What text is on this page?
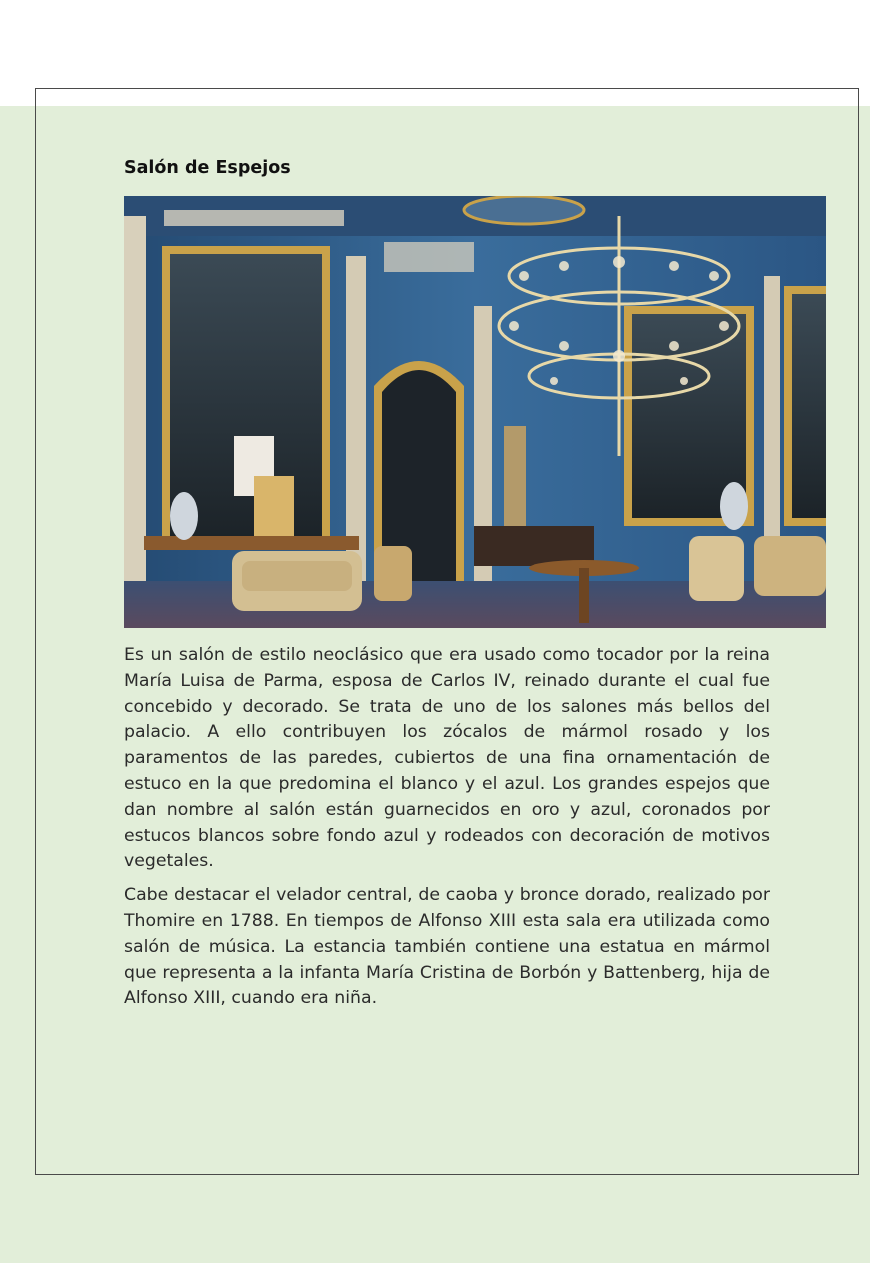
Salón de Espejos

Es un salón de estilo neoclásico que era usado como tocador por la reina María Luisa de Parma, esposa de Carlos IV, reinado durante el cual fue concebido y decorado. Se trata de uno de los salones más bellos del palacio. A ello contribuyen los zócalos de mármol rosado y los paramentos de las paredes, cubiertos de una fina ornamentación de estuco en la que predomina el blanco y el azul. Los grandes espejos que dan nombre al salón están guarnecidos en oro y azul, coronados por estucos blancos sobre fondo azul y rodeados con decoración de motivos vegetales.

Cabe destacar el velador central, de caoba y bronce dorado, realizado por Thomire en 1788. En tiempos de Alfonso XIII esta sala era utilizada como salón de música. La estancia también contiene una estatua en mármol que representa a la infanta María Cristina de Borbón y Battenberg, hija de Alfonso XIII, cuando era niña.
